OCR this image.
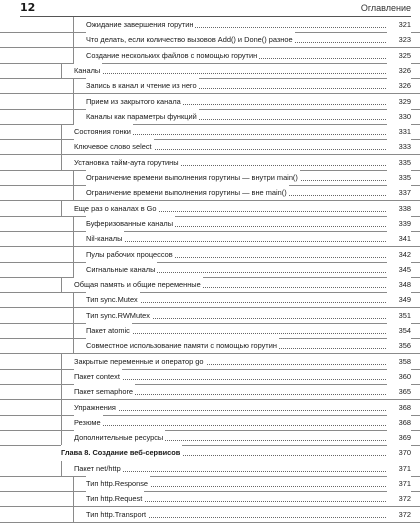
12	Оглавление
Ожидание завершения горутин	321
Что делать, если количество вызовов Add() и Done() разное	323
Создание нескольких файлов с помощью горутин	325
Каналы	326
Запись в канал и чтение из него	326
Прием из закрытого канала	329
Каналы как параметры функций	330
Состояния гонки	331
Ключевое слово select	333
Установка тайм-аута горутины	335
Ограничение времени выполнения горутины — внутри main()	335
Ограничение времени выполнения горутины — вне main()	337
Еще раз о каналах в Go	338
Буферизованные каналы	339
Nil-каналы	341
Пулы рабочих процессов	342
Сигнальные каналы	345
Общая память и общие переменные	348
Тип sync.Mutex	349
Тип sync.RWMutex	351
Пакет atomic	354
Совместное использование памяти с помощью горутин	356
Закрытые переменные и оператор go	358
Пакет context	360
Пакет semaphore	365
Упражнения	368
Резюме	368
Дополнительные ресурсы	369
Глава 8. Создание веб-сервисов	370
Пакет net/http	371
Тип http.Response	371
Тип http.Request	372
Тип http.Transport	372
